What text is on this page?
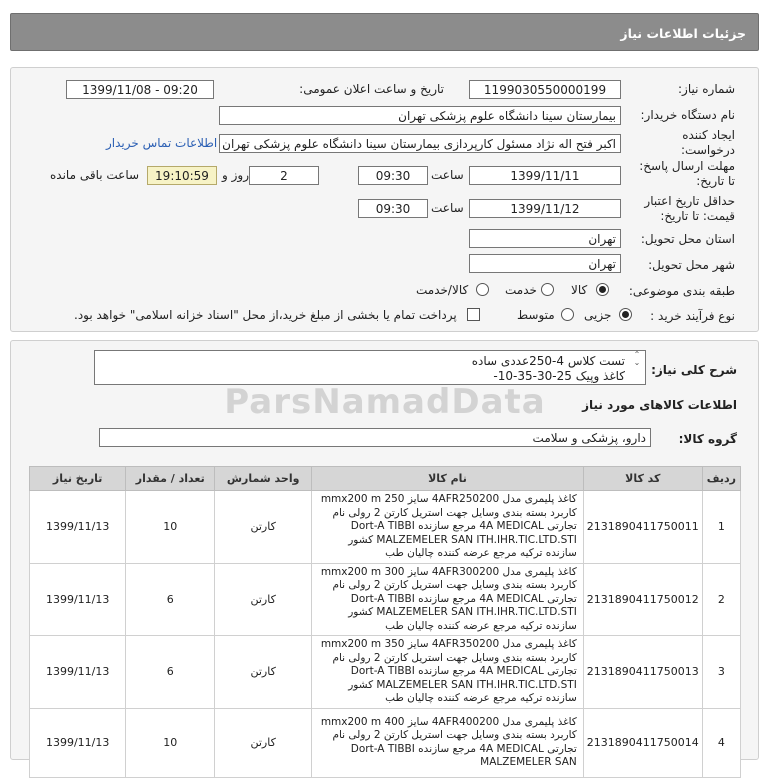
جزئیات اطلاعات نیاز
شماره نیاز:
1199030550000199
تاریخ و ساعت اعلان عمومی:
1399/11/08 - 09:20
نام دستگاه خریدار:
بیمارستان سینا دانشگاه علوم پزشکی تهران
ایجاد کننده درخواست:
اکبر فتح اله نژاد مسئول کارپردازی بیمارستان سینا دانشگاه علوم پزشکی تهران
اطلاعات تماس خریدار
مهلت ارسال پاسخ: تا تاریخ:
1399/11/11
ساعت
09:30
2
روز و
19:10:59
ساعت باقی مانده
حداقل تاریخ اعتبار قیمت: تا تاریخ:
1399/11/12
ساعت
09:30
استان محل تحویل:
تهران
شهر محل تحویل:
تهران
طبقه بندی موضوعی:
کالا
خدمت
کالا/خدمت
نوع فرآیند خرید :
جزیی
متوسط
پرداخت تمام یا بخشی از مبلغ خرید،از محل "اسناد خزانه اسلامی" خواهد بود.
شرح کلی نیاز:
تست کلاس 4-250عددی ساده
کاغذ وپیک 25-30-35-10-
⌃
⌄
ParsNamadData	اطلاعات کالاهای مورد نیاز
گروه کالا:
دارو، پزشکی و سلامت
ردیف	کد کالا	نام کالا	واحد شمارش	تعداد / مقدار	تاریخ نیاز
1	2131890411750011	کاغذ پلیمری مدل 4AFR250200 سایز 250 mmx200 m کاربرد بسته بندی وسایل جهت استریل کارتن 2 رولی نام تجارتی 4A MEDICAL مرجع سازنده Dort-A TIBBI MALZEMELER SAN ITH.IHR.TIC.LTD.STI کشور سازنده ترکیه مرجع عرضه کننده چالیان طب	کارتن	10	1399/11/13
2	2131890411750012	کاغذ پلیمری مدل 4AFR300200 سایز 300 mmx200 m کاربرد بسته بندی وسایل جهت استریل کارتن 2 رولی نام تجارتی 4A MEDICAL مرجع سازنده Dort-A TIBBI MALZEMELER SAN ITH.IHR.TIC.LTD.STI کشور سازنده ترکیه مرجع عرضه کننده چالیان طب	کارتن	6	1399/11/13
3	2131890411750013	کاغذ پلیمری مدل 4AFR350200 سایز 350 mmx200 m کاربرد بسته بندی وسایل جهت استریل کارتن 2 رولی نام تجارتی 4A MEDICAL مرجع سازنده Dort-A TIBBI MALZEMELER SAN ITH.IHR.TIC.LTD.STI کشور سازنده ترکیه مرجع عرضه کننده چالیان طب	کارتن	6	1399/11/13
4	2131890411750014	کاغذ پلیمری مدل 4AFR400200 سایز 400 mmx200 m کاربرد بسته بندی وسایل جهت استریل کارتن 2 رولی نام تجارتی 4A MEDICAL مرجع سازنده Dort-A TIBBI MALZEMELER SAN	کارتن	10	1399/11/13
